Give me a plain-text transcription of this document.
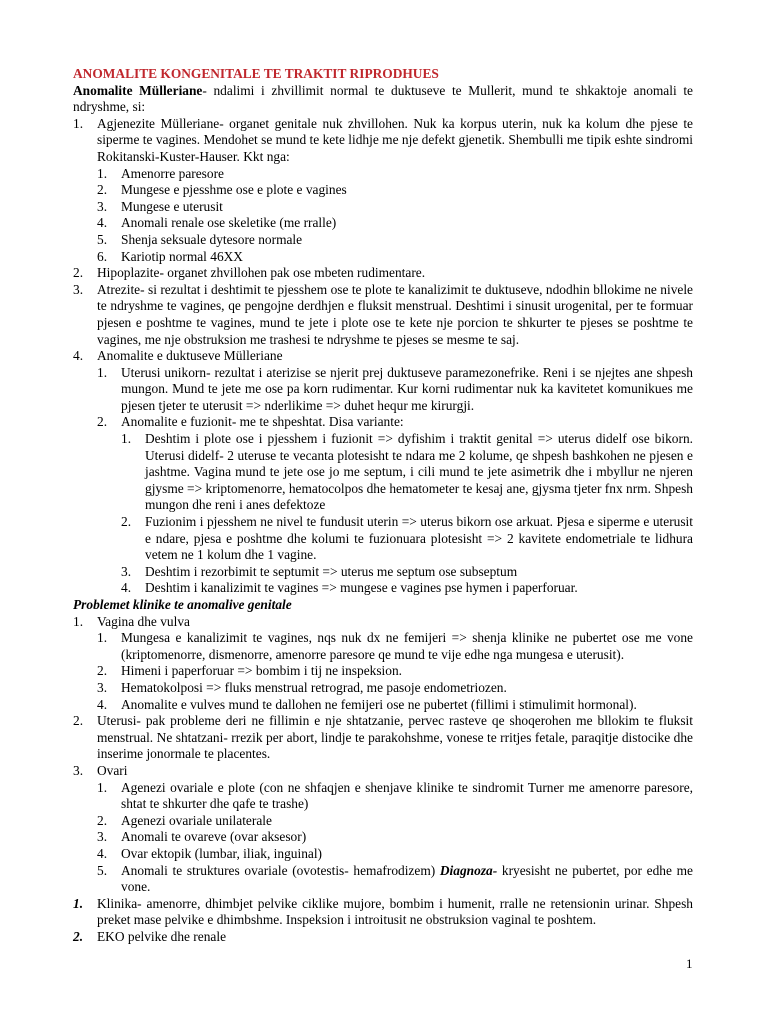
ANOMALITE KONGENITALE TE TRAKTIT RIPRODHUES

Anomalite Mülleriane- ndalimi i zhvillimit normal te duktuseve te Mullerit, mund te shkaktoje anomali te ndryshme, si:

1. Agjenezite Mülleriane- organet genitale nuk zhvillohen. Nuk ka korpus uterin, nuk ka kolum dhe pjese te siperme te vagines. Mendohet se mund te kete lidhje me nje defekt gjenetik. Shembulli me tipik eshte sindromi Rokitanski-Kuster-Hauser. Kkt nga:
1. Amenorre paresore
2. Mungese e pjesshme ose e plote e vagines
3. Mungese e uterusit
4. Anomali renale ose skeletike (me rralle)
5. Shenja seksuale dytesore normale
6. Kariotip normal 46XX
2. Hipoplazite- organet zhvillohen pak ose mbeten rudimentare.
3. Atrezite- si rezultat i deshtimit te pjesshem ose te plote te kanalizimit te duktuseve, ndodhin bllokime ne nivele te ndryshme te vagines, qe pengojne derdhjen e fluksit menstrual. Deshtimi i sinusit urogenital, per te formuar pjesen e poshtme te vagines, mund te jete i plote ose te kete nje porcion te shkurter te pjeses se poshtme te vagines, me nje obstruksion me trashesi te ndryshme te pjeses se mesme te saj.
4. Anomalite e duktuseve Mülleriane
1. Uterusi unikorn- rezultat i aterizise se njerit prej duktuseve paramezonefrike. Reni i se njejtes ane shpesh mungon. Mund te jete me ose pa korn rudimentar. Kur korni rudimentar nuk ka kavitetet komunikues me pjesen tjeter te uterusit => nderlikime => duhet hequr me kirurgji.
2. Anomalite e fuzionit- me te shpeshtat. Disa variante:
1. Deshtim i plote ose i pjesshem i fuzionit => dyfishim i traktit genital => uterus didelf ose bikorn. Uterusi didelf- 2 uteruse te vecanta plotesisht te ndara me 2 kolume, qe shpesh bashkohen ne pjesen e jashtme. Vagina mund te jete ose jo me septum, i cili mund te jete asimetrik dhe i mbyllur ne njeren gjysme => kriptomenorre, hematocolpos dhe hematometer te kesaj ane, gjysma tjeter fnx nrm. Shpesh mungon dhe reni i anes defektoze
2. Fuzionim i pjesshem ne nivel te fundusit uterin => uterus bikorn ose arkuat. Pjesa e siperme e uterusit e ndare, pjesa e poshtme dhe kolumi te fuzionuara plotesisht => 2 kavitete endometriale te lidhura vetem ne 1 kolum dhe 1 vagine.
3. Deshtim i rezorbimit te septumit => uterus me septum ose subseptum
4. Deshtim i kanalizimit te vagines => mungese e vagines pse hymen i paperforuar.

Problemet klinike te anomalive genitale

1. Vagina dhe vulva
1. Mungesa e kanalizimit te vagines, nqs nuk dx ne femijeri => shenja klinike ne pubertet ose me vone (kriptomenorre, dismenorre, amenorre paresore qe mund te vije edhe nga mungesa e uterusit).
2. Himeni i paperforuar => bombim i tij ne inspeksion.
3. Hematokolposi => fluks menstrual retrograd, me pasoje endometriozen.
4. Anomalite e vulves mund te dallohen ne femijeri ose ne pubertet (fillimi i stimulimit hormonal).
2. Uterusi- pak probleme deri ne fillimin e nje shtatzanie, pervec rasteve qe shoqerohen me bllokim te fluksit menstrual. Ne shtatzani- rrezik per abort, lindje te parakohshme, vonese te rritjes fetale, paraqitje distocike dhe inserime jonormale te placentes.
3. Ovari
1. Agenezi ovariale e plote (con ne shfaqjen e shenjave klinike te sindromit Turner me amenorre paresore, shtat te shkurter dhe qafe te trashe)
2. Agenezi ovariale unilaterale
3. Anomali te ovareve (ovar aksesor)
4. Ovar ektopik (lumbar, iliak, inguinal)
5. Anomali te struktures ovariale (ovotestis- hemafrodizem) Diagnoza- kryesisht ne pubertet, por edhe me vone.
1. Klinika- amenorre, dhimbjet pelvike ciklike mujore, bombim i humenit, rralle ne retensionin urinar. Shpesh preket mase pelvike e dhimbshme. Inspeksion i introitusit ne obstruksion vaginal te poshtem.
2. EKO pelvike dhe renale
1
